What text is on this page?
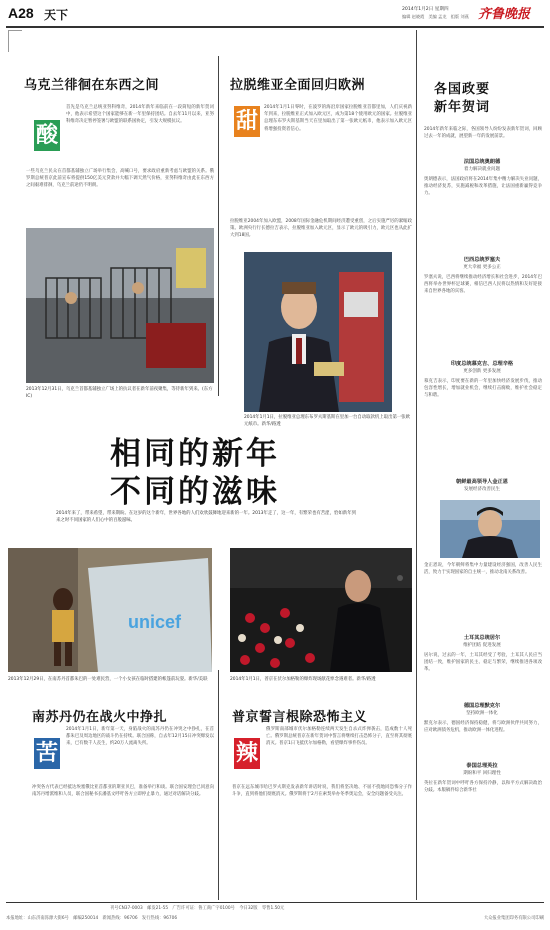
A28 天下	2014年1月2日 星期四
编辑 赵晓霞　美编 孟龙　组版 刘燕 齐鲁晚报
乌克兰徘徊在东西之间
酸
首先是乌克兰总统亚努科维奇，2014年新年来临前在一段简短的新年贺词中，他表示希望这个国家能够在新一年里保持团结。自去年11月以来，亚努科维奇决定暂停签署与欧盟的联系国协定，引发大规模抗议。
一些乌克兰民众在首都基辅独立广场举行集会，高喊口号，要求政府重新考虑与欧盟的关系。俄罗斯总统普京此前宣布将提供150亿美元贷款并大幅下调天然气价格，亚努科维奇由此在东西方之间艰难徘徊，乌克兰前途仍不明朗。
2013年12月31日，乌克兰首都基辅独立广场上的抗议者在新年前夜聚集，等待新年到来。(东方IC)
拉脱维亚全面回归欧洲
甜
2014年1月1日零时，在波罗的海沿岸国家拉脱维亚首都里加，人们庆祝新年到来，拉脱维亚正式加入欧元区，成为第18个使用欧元的国家。拉脱维亚总理东布罗夫斯基斯当天在里加取出了第一张欧元纸币，他表示加入欧元区将增强投资者信心。
拉脱维亚2004年加入欧盟，2008年国际金融危机期间经济遭受重创，之后实施严厉的紧缩政策。欧洲央行行长德拉吉表示，拉脱维亚加入欧元区，显示了欧元的吸引力，欧元区也从此扩大到18国。
2014年1月1日，拉脱维亚总理东布罗夫斯基斯在里加一台自动取款机上取出第一张欧元纸币。新华/路透
相同的新年
不同的滋味
2014年来了，带来希望，带来期盼。在这岁的这个新年，世界各地的人们欢欣鼓舞地迎来新的一年。2013年走了，这一年，有繁荣也有苦涩，恰如新年到来之时不同国家的人们心中的百般滋味。
unicef
2013年12月29日，在南苏丹首都朱巴的一处难民营，一个小女孩在临时搭建的帐篷前玩耍。新华/美联
南苏丹仍在战火中挣扎
苦
2014年1月1日，新年第一天，身陷战火的南苏丹仍在冲突之中挣扎，在首都朱巴及周边地区的战斗仍在持续。联合国称，自去年12月15日冲突爆发以来，已有数千人丧生，约20万人流离失所。
冲突各方代表已经抵达埃塞俄比亚首都亚的斯亚贝巴，准备举行和谈。联合国安理会已同意向南苏丹增派维和人员，联合国秘书长潘基文呼吁各方立即停止暴力，通过对话解决分歧。
2014年1月1日，普京在伏尔加格勒的爆炸现场献花悼念遇难者。新华/路透
普京誓言根除恐怖主义
辣
俄罗斯南部城市伏尔加格勒连续两天发生自杀式炸弹袭击，造成数十人死亡。俄罗斯总统普京在新年贺词中誓言将继续打击恐怖分子，直至将其彻底消灭。普京1日飞抵伏尔加格勒，看望爆炸事件伤员。
普京在远东城市哈巴罗夫斯克发表新年讲话时说，我们将坚决地、不屈不挠地同恐怖分子作斗争，直到将他们彻底消灭。俄罗斯将于2月在索契举办冬季奥运会，安全问题备受关注。
各国政要
新年贺词
2014年新年来临之际，各国领导人纷纷发表新年贺词，回顾过去一年的成就，展望新一年的发展前景。
法国总统奥朗德
着力解决就业问题
奥朗德表示，法国政府将在2014年集中精力解决失业问题，推动经济复苏，实施减税和改革措施，让法国重新赢得竞争力。
巴西总统罗塞夫
更大幸福 更多公正
罗塞夫说，巴西将继续推动经济增长和社会进步，2014年巴西将举办世界杯足球赛，相信巴西人民将以热情和友好迎接来自世界各地的宾客。
印度总统慕克吉、总理辛格
更多创新 更多发展
慕克吉表示，印度要在新的一年里加快经济发展步伐，推动包容性增长，增加就业机会，继续打击腐败，维护社会稳定与和谐。
朝鲜最高领导人金正恩
发展经济改善民生
金正恩说，今年朝鲜将集中力量建设经济强国，改善人民生活，致力于实现国家的自主统一，推动北南关系改善。
土耳其总统居尔
维护团结 促进发展
居尔说，过去的一年，土耳其经受了考验，土耳其人民应当团结一致，维护国家的民主、稳定与繁荣，继续推进各项改革。
德国总理默克尔
坚持欧洲一体化
默克尔表示，德国经济保持稳健，将与欧洲伙伴共同努力，应对欧洲债务危机，推动欧洲一体化进程。
泰国总理英拉
期盼和平 回归理性
英拉在新年贺词中呼吁各方保持冷静，以和平方式解决政治分歧。本版稿件综合新华社
刊号CN37-0003　邮发21-55　广告许可证：鲁工商广字0100号　今日32版　零售1.50元
本报地址：山东济南泺源大街6号　邮编250014　新闻热线：96706　发行热线：96706	大众报业集团印务有限公司印刷
